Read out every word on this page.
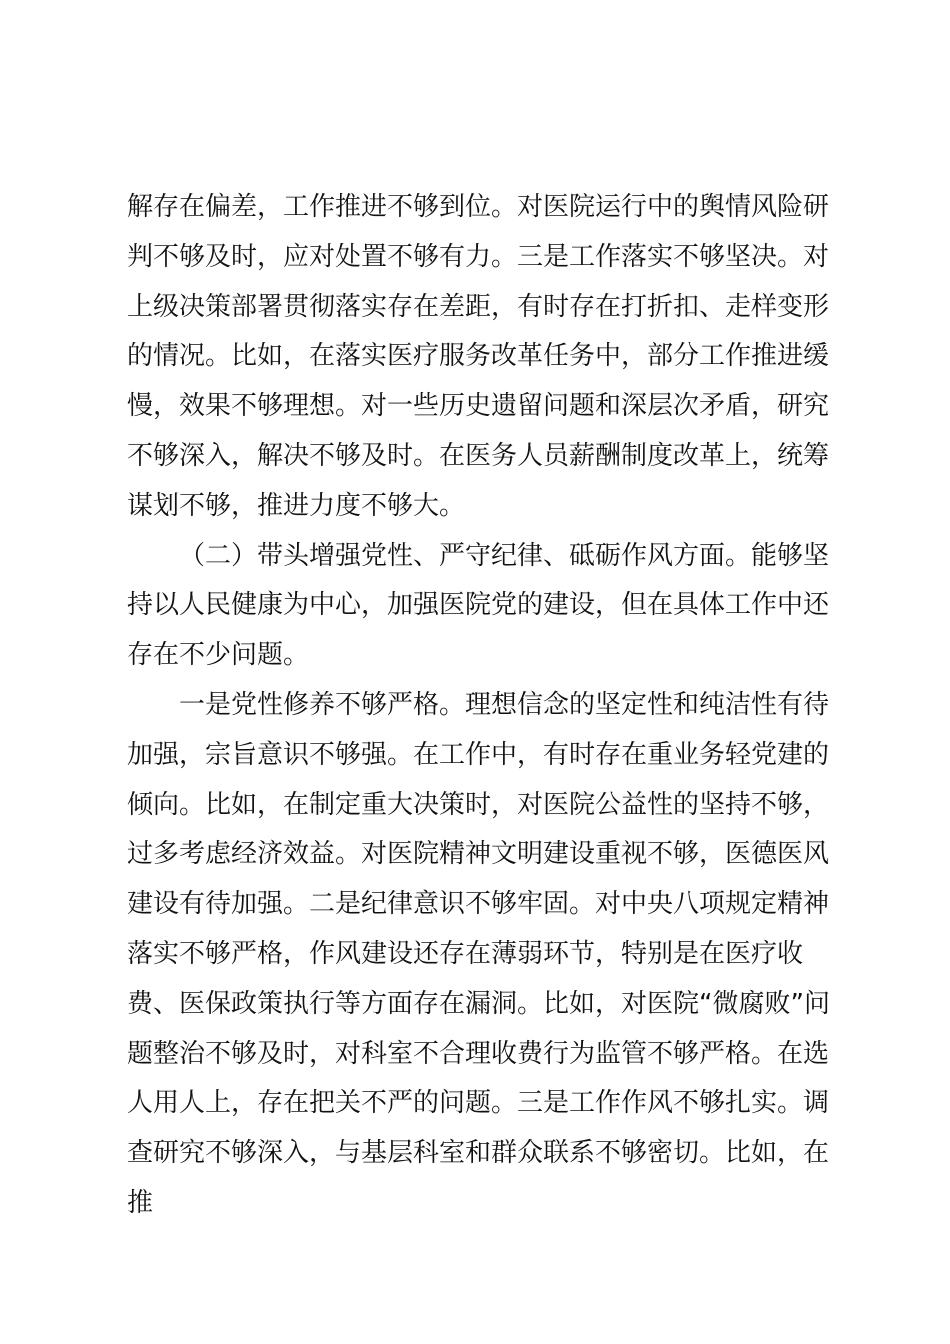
解存在偏差，工作推进不够到位。对医院运行中的舆情风险研判不够及时，应对处置不够有力。三是工作落实不够坚决。对上级决策部署贯彻落实存在差距，有时存在打折扣、走样变形的情况。比如，在落实医疗服务改革任务中，部分工作推进缓慢，效果不够理想。对一些历史遗留问题和深层次矛盾，研究不够深入，解决不够及时。在医务人员薪酬制度改革上，统筹谋划不够，推进力度不够大。

（二）带头增强党性、严守纪律、砥砺作风方面。能够坚持以人民健康为中心，加强医院党的建设，但在具体工作中还存在不少问题。

一是党性修养不够严格。理想信念的坚定性和纯洁性有待加强，宗旨意识不够强。在工作中，有时存在重业务轻党建的倾向。比如，在制定重大决策时，对医院公益性的坚持不够，过多考虑经济效益。对医院精神文明建设重视不够，医德医风建设有待加强。二是纪律意识不够牢固。对中央八项规定精神落实不够严格，作风建设还存在薄弱环节，特别是在医疗收费、医保政策执行等方面存在漏洞。比如，对医院“微腐败”问题整治不够及时，对科室不合理收费行为监管不够严格。在选人用人上，存在把关不严的问题。三是工作作风不够扎实。调查研究不够深入，与基层科室和群众联系不够密切。比如，在推
